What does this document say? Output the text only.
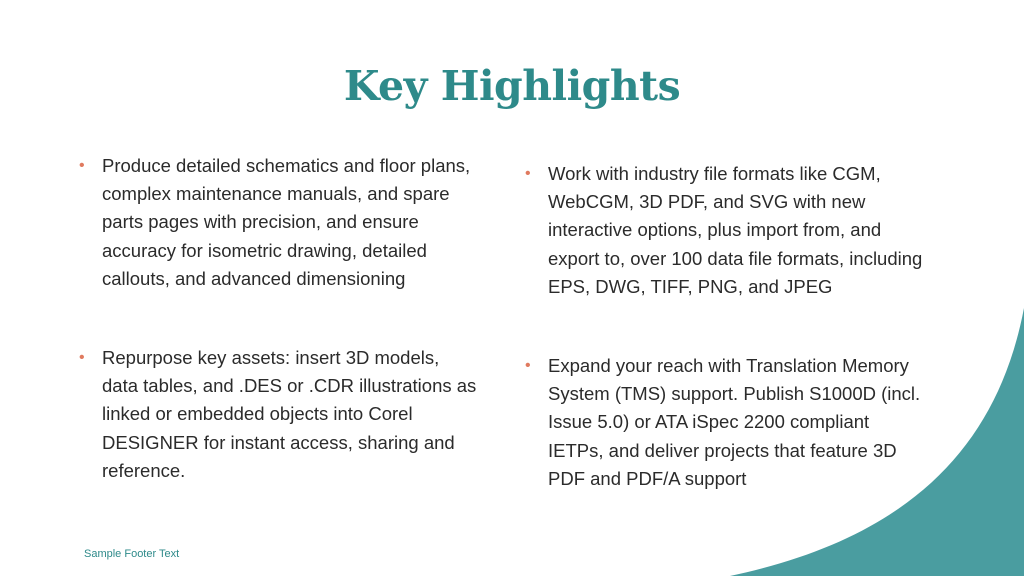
Key Highlights
• Produce detailed schematics and floor plans, complex maintenance manuals, and spare parts pages with precision, and ensure accuracy for isometric drawing, detailed callouts, and advanced dimensioning
• Repurpose key assets: insert 3D models, data tables, and .DES or .CDR illustrations as linked or embedded objects into Corel DESIGNER for instant access, sharing and reference.
• Work with industry file formats like CGM, WebCGM, 3D PDF, and SVG with new interactive options, plus import from, and export to, over 100 data file formats, including EPS, DWG, TIFF, PNG, and JPEG
• Expand your reach with Translation Memory System (TMS) support. Publish S1000D (incl. Issue 5.0) or ATA iSpec 2200 compliant IETPs, and deliver projects that feature 3D PDF and PDF/A support
Sample Footer Text
